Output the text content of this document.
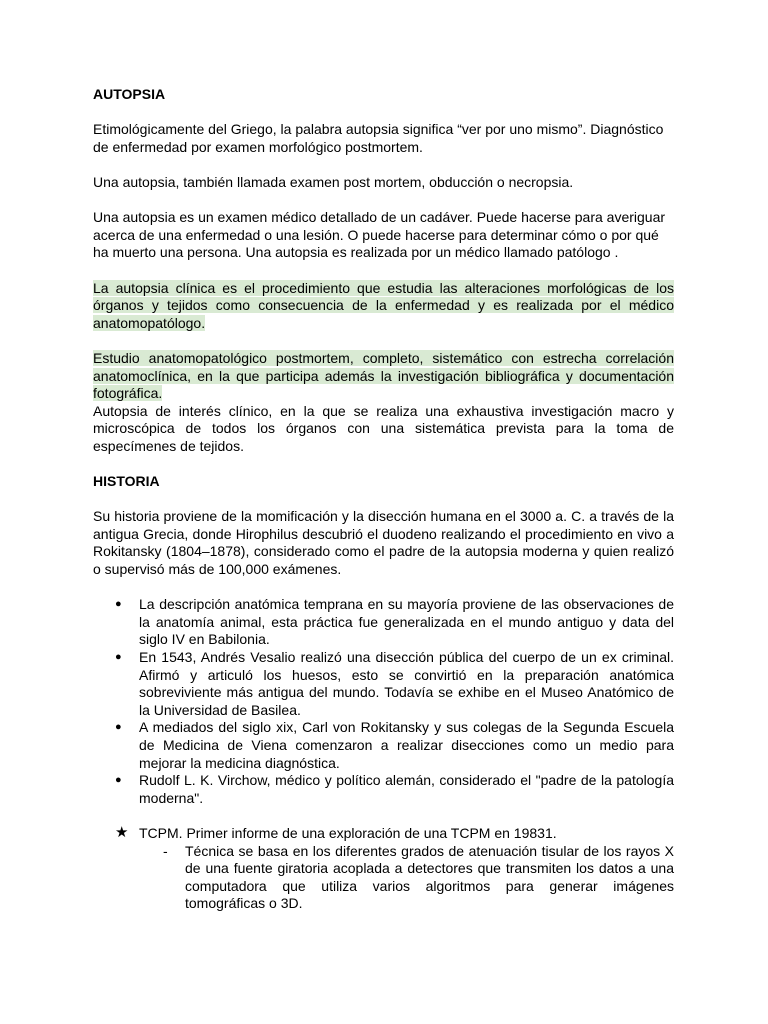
AUTOPSIA

Etimológicamente del Griego, la palabra autopsia significa “ver por uno mismo”. Diagnóstico de enfermedad por examen morfológico postmortem.

Una autopsia, también llamada examen post mortem, obducción o necropsia.

Una autopsia es un examen médico detallado de un cadáver. Puede hacerse para averiguar acerca de una enfermedad o una lesión. O puede hacerse para determinar cómo o por qué ha muerto una persona. Una autopsia es realizada por un médico llamado patólogo .

La autopsia clínica es el procedimiento que estudia las alteraciones morfológicas de los órganos y tejidos como consecuencia de la enfermedad y es realizada por el médico anatomopatólogo.

Estudio anatomopatológico postmortem, completo, sistemático con estrecha correlación anatomoclínica, en la que participa además la investigación bibliográfica y documentación fotográfica.

Autopsia de interés clínico, en la que se realiza una exhaustiva investigación macro y microscópica de todos los órganos con una sistemática prevista para la toma de especímenes de tejidos.

HISTORIA

Su historia proviene de la momificación y la disección humana en el 3000 a. C. a través de la antigua Grecia, donde Hirophilus descubrió el duodeno realizando el procedimiento en vivo a Rokitansky (1804–1878), considerado como el padre de la autopsia moderna y quien realizó o supervisó más de 100,000 exámenes.

● La descripción anatómica temprana en su mayoría proviene de las observaciones de la anatomía animal, esta práctica fue generalizada en el mundo antiguo y data del siglo IV en Babilonia.
● En 1543, Andrés Vesalio realizó una disección pública del cuerpo de un ex criminal. Afirmó y articuló los huesos, esto se convirtió en la preparación anatómica sobreviviente más antigua del mundo. Todavía se exhibe en el Museo Anatómico de la Universidad de Basilea.
● A mediados del siglo xix, Carl von Rokitansky y sus colegas de la Segunda Escuela de Medicina de Viena comenzaron a realizar disecciones como un medio para mejorar la medicina diagnóstica.
● Rudolf L. K. Virchow, médico y político alemán, considerado el "padre de la patología moderna".

★ TCPM. Primer informe de una exploración de una TCPM en 19831.

- Técnica se basa en los diferentes grados de atenuación tisular de los rayos X de una fuente giratoria acoplada a detectores que transmiten los datos a una computadora que utiliza varios algoritmos para generar imágenes tomográficas o 3D.
